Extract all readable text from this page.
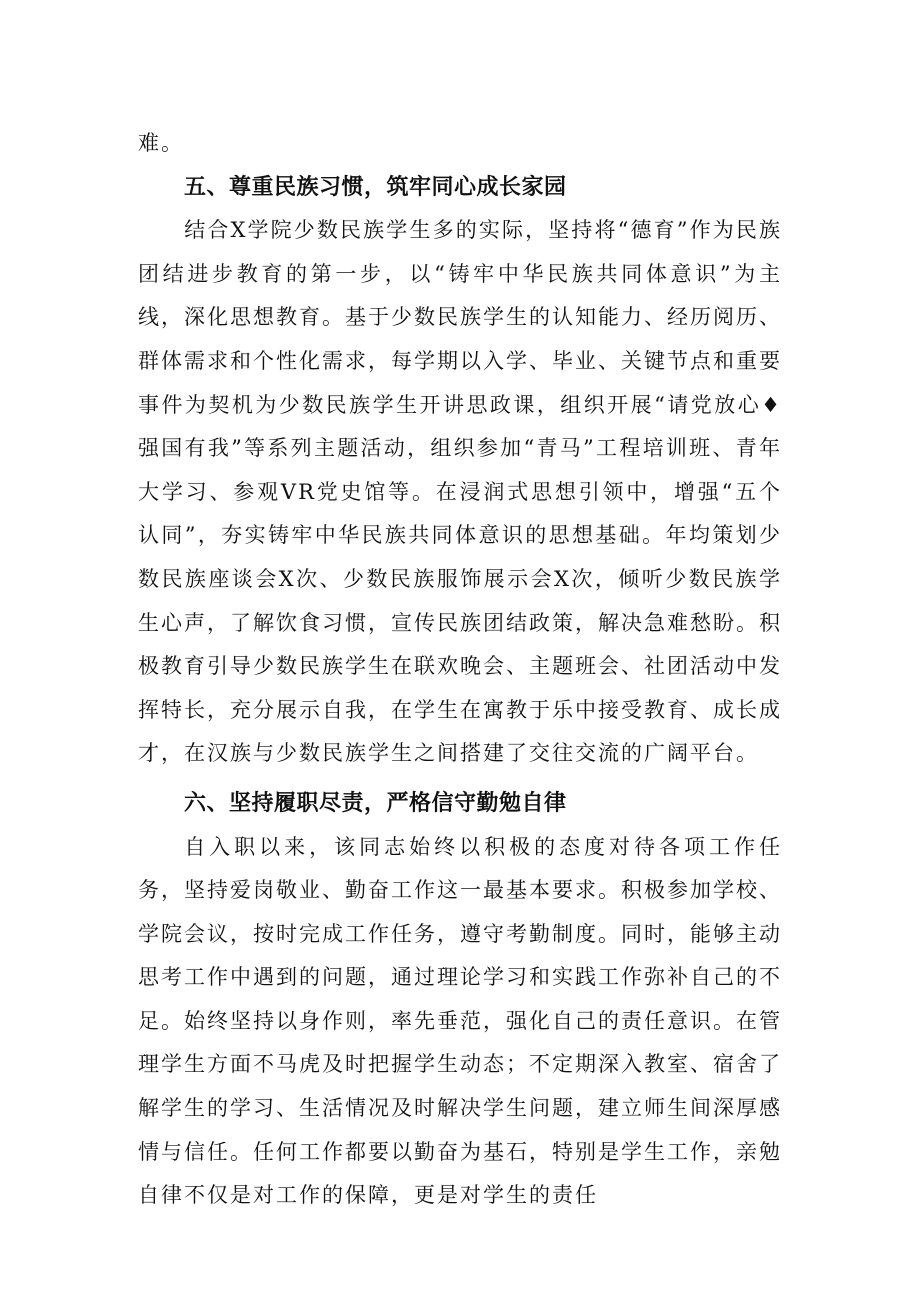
难。

五、尊重民族习惯，筑牢同心成长家园

结合X学院少数民族学生多的实际，坚持将“德育”作为民族团结进步教育的第一步，以“铸牢中华民族共同体意识”为主线，深化思想教育。基于少数民族学生的认知能力、经历阅历、群体需求和个性化需求，每学期以入学、毕业、关键节点和重要事件为契机为少数民族学生开讲思政课，组织开展“请党放心♦强国有我”等系列主题活动，组织参加“青马”工程培训班、青年大学习、参观VR党史馆等。在浸润式思想引领中，增强“五个认同”，夯实铸牢中华民族共同体意识的思想基础。年均策划少数民族座谈会X次、少数民族服饰展示会X次，倾听少数民族学生心声，了解饮食习惯，宣传民族团结政策，解决急难愁盼。积极教育引导少数民族学生在联欢晚会、主题班会、社团活动中发挥特长，充分展示自我，在学生在寓教于乐中接受教育、成长成才，在汉族与少数民族学生之间搭建了交往交流的广阔平台。

六、坚持履职尽责，严格信守勤勉自律

自入职以来，该同志始终以积极的态度对待各项工作任务，坚持爱岗敬业、勤奋工作这一最基本要求。积极参加学校、学院会议，按时完成工作任务，遵守考勤制度。同时，能够主动思考工作中遇到的问题，通过理论学习和实践工作弥补自己的不足。始终坚持以身作则，率先垂范，强化自己的责任意识。在管理学生方面不马虎及时把握学生动态；不定期深入教室、宿舍了解学生的学习、生活情况及时解决学生问题，建立师生间深厚感情与信任。任何工作都要以勤奋为基石，特别是学生工作，亲勉自律不仅是对工作的保障，更是对学生的责任
